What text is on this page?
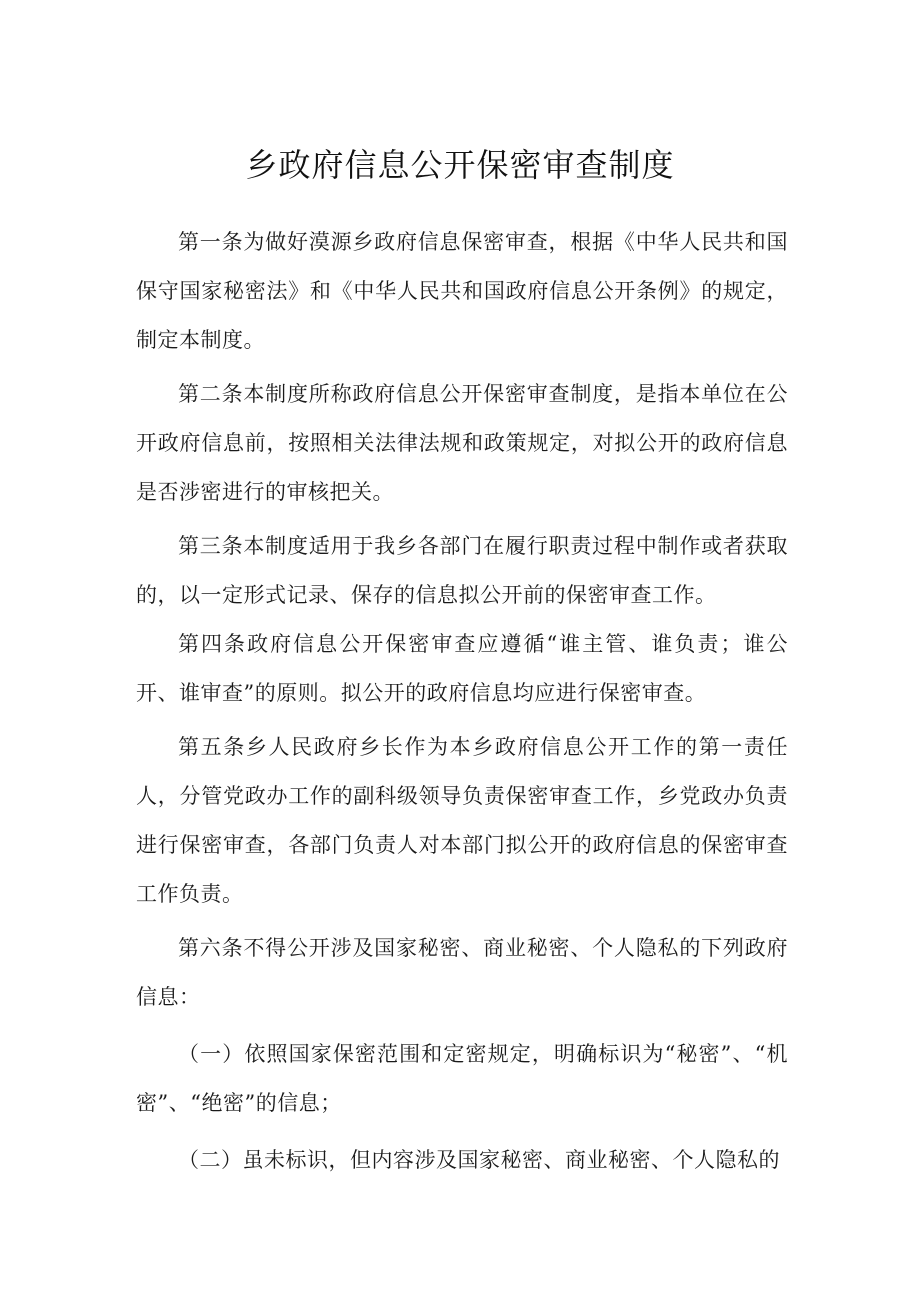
乡政府信息公开保密审查制度

第一条为做好漠源乡政府信息保密审查，根据《中华人民共和国保守国家秘密法》和《中华人民共和国政府信息公开条例》的规定，制定本制度。

第二条本制度所称政府信息公开保密审查制度，是指本单位在公开政府信息前，按照相关法律法规和政策规定，对拟公开的政府信息是否涉密进行的审核把关。

第三条本制度适用于我乡各部门在履行职责过程中制作或者获取的，以一定形式记录、保存的信息拟公开前的保密审查工作。

第四条政府信息公开保密审查应遵循“谁主管、谁负责；谁公开、谁审查”的原则。拟公开的政府信息均应进行保密审查。

第五条乡人民政府乡长作为本乡政府信息公开工作的第一责任人，分管党政办工作的副科级领导负责保密审查工作，乡党政办负责进行保密审查，各部门负责人对本部门拟公开的政府信息的保密审查工作负责。

第六条不得公开涉及国家秘密、商业秘密、个人隐私的下列政府信息：

（一）依照国家保密范围和定密规定，明确标识为“秘密”、“机密”、“绝密”的信息；

（二）虽未标识，但内容涉及国家秘密、商业秘密、个人隐私的
